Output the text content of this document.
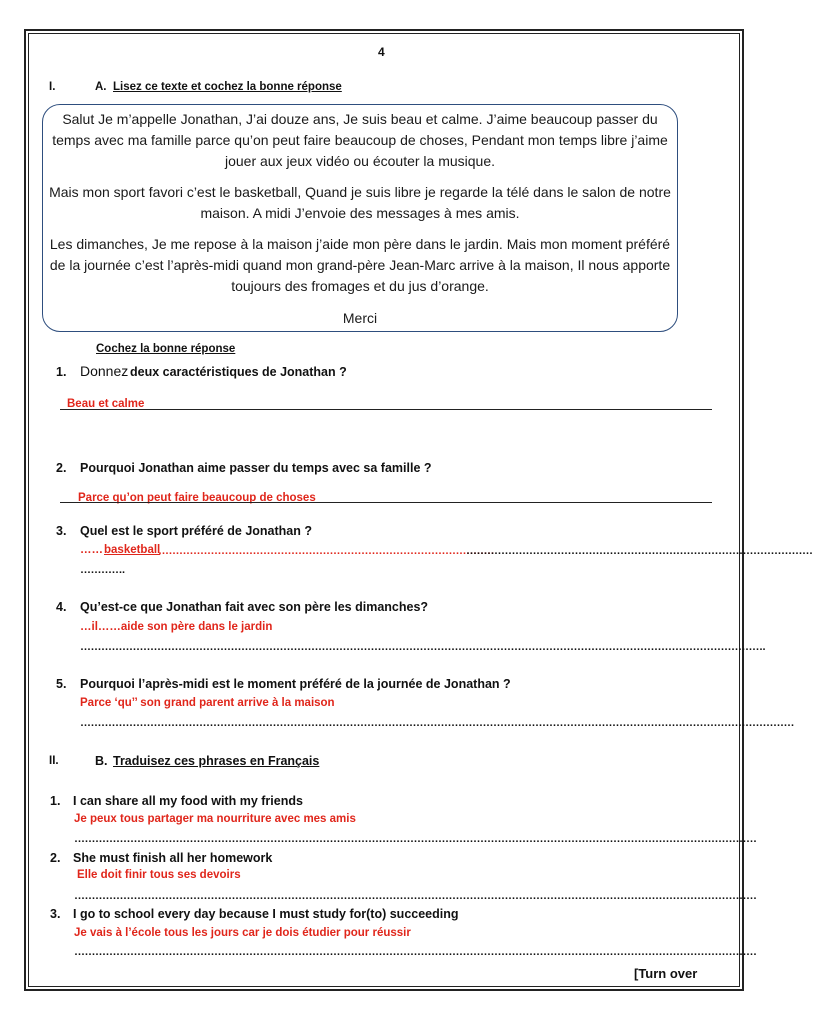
4
I.	A. Lisez ce texte et cochez la bonne réponse
Salut Je m’appelle Jonathan, J’ai douze ans, Je suis beau et calme. J’aime beaucoup passer du temps avec ma famille parce qu’on peut faire beaucoup de choses, Pendant mon temps libre j’aime jouer aux jeux vidéo ou écouter la musique.
Mais mon sport favori c’est le basketball, Quand je suis libre je regarde la télé dans le salon de notre maison. A midi J’envoie des messages à mes amis.
Les dimanches, Je me repose à la maison j’aide mon père dans le jardin. Mais mon moment préféré de la journée c’est l’après-midi quand mon grand-père Jean-Marc arrive à la maison, Il nous apporte toujours des fromages et du jus d’orange.
Merci
Cochez la bonne réponse
1. Donnez deux caractéristiques de Jonathan ?
Beau et calme
2. Pourquoi Jonathan aime passer du temps avec sa famille ?
Parce qu’on peut faire beaucoup de choses
3. Quel est le sport préféré de Jonathan ?
…… basketball
……………………………………………………………………………………
………………………………………………………………………………………
………….
4. Qu’est-ce que Jonathan fait avec son père les dimanches?
…il……aide son père dans le jardin
…………………………………………………………………………………………………………………………………………………………………………….
5. Pourquoi l’après-midi est le moment préféré de la journée de Jonathan ?
Parce ‘qu’’ son grand parent arrive à la maison
……………………………………………………………………………………………………………………………………………………………………………………
II.	B. Traduisez ces phrases en Français
1. I can share all my food with my friends
Je peux tous partager ma nourriture avec mes amis
……………………………………………………………………………………………………………………………………………………………………………
2. She must finish all her homework
Elle doit finir tous ses devoirs
……………………………………………………………………………………………………………………………………………………………………………
3. I go to school every day because I must study for(to) succeeding
Je vais à l’école tous les jours car je dois étudier pour réussir
……………………………………………………………………………………………………………………………………………………………………………
[Turn over
